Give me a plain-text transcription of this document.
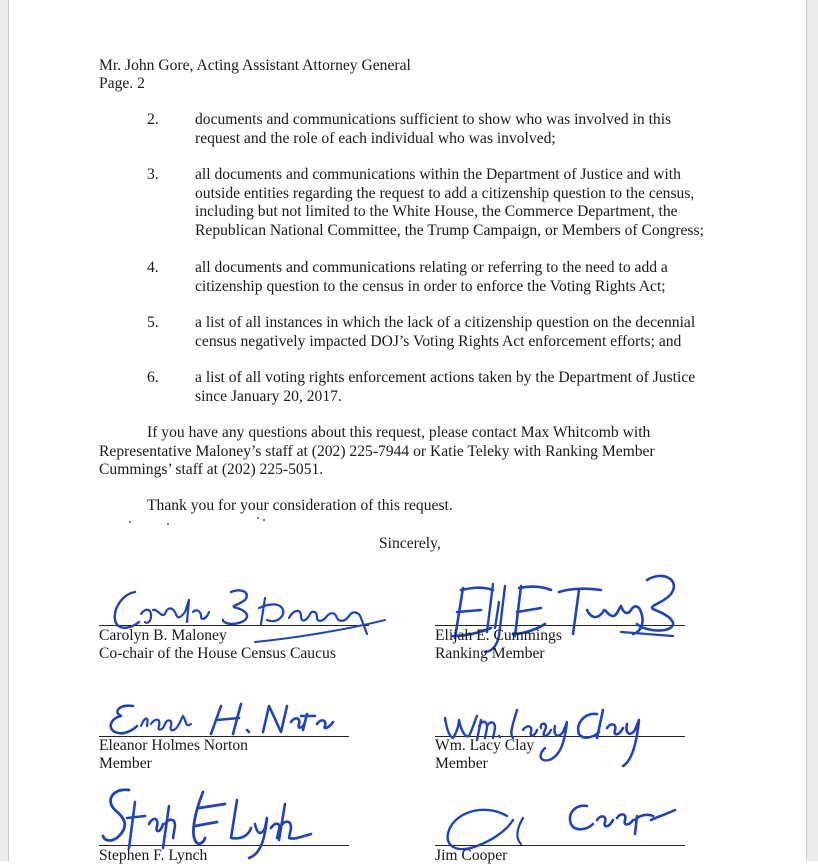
Mr. John Gore, Acting Assistant Attorney General
Page. 2
2. documents and communications sufficient to show who was involved in this
request and the role of each individual who was involved;
3. all documents and communications within the Department of Justice and with
outside entities regarding the request to add a citizenship question to the census,
including but not limited to the White House, the Commerce Department, the
Republican National Committee, the Trump Campaign, or Members of Congress;
4. all documents and communications relating or referring to the need to add a
citizenship question to the census in order to enforce the Voting Rights Act;
5. a list of all instances in which the lack of a citizenship question on the decennial
census negatively impacted DOJ’s Voting Rights Act enforcement efforts; and
6. a list of all voting rights enforcement actions taken by the Department of Justice
since January 20, 2017.
If you have any questions about this request, please contact Max Whitcomb with
Representative Maloney’s staff at (202) 225-7944 or Katie Teleky with Ranking Member
Cummings’ staff at (202) 225-5051.
Thank you for your consideration of this request.
Sincerely,
Carolyn B. Maloney
Co-chair of the House Census Caucus
Elijah E. Cummings
Ranking Member
Eleanor Holmes Norton
Member
Wm. Lacy Clay
Member
Stephen F. Lynch	Jim Cooper
